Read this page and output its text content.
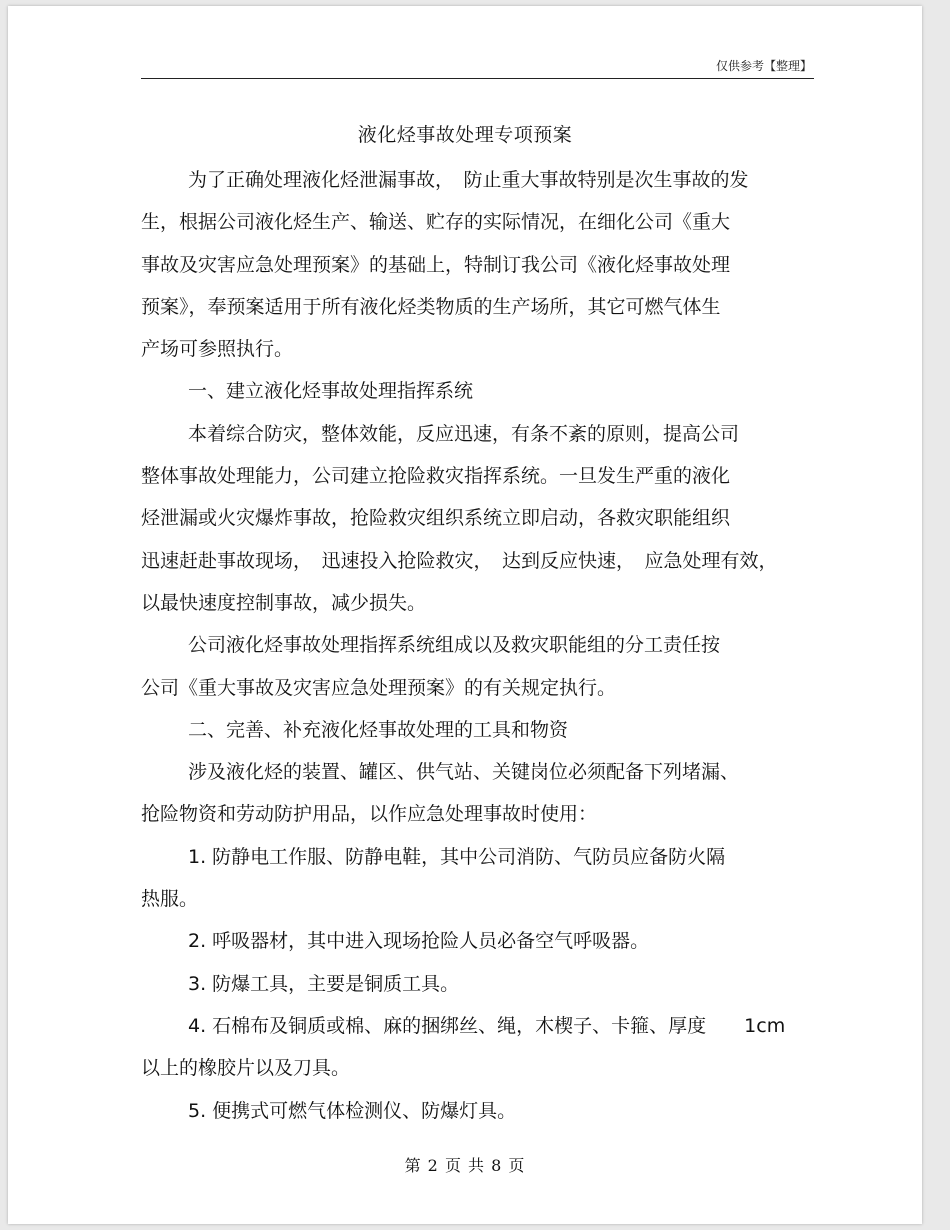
仅供参考【整理】
液化烃事故处理专项预案

为了正确处理液化烃泄漏事故，　防止重大事故特别是次生事故的发

生，根据公司液化烃生产、输送、贮存的实际情况，在细化公司《重大

事故及灾害应急处理预案》的基础上，特制订我公司《液化烃事故处理

预案》，奉预案适用于所有液化烃类物质的生产场所，其它可燃气体生

产场可参照执行。

一、建立液化烃事故处理指挥系统

本着综合防灾，整体效能，反应迅速，有条不紊的原则，提高公司

整体事故处理能力，公司建立抢险救灾指挥系统。一旦发生严重的液化

烃泄漏或火灾爆炸事故，抢险救灾组织系统立即启动，各救灾职能组织

迅速赶赴事故现场，　迅速投入抢险救灾，　达到反应快速，　应急处理有效，

以最快速度控制事故，减少损失。

公司液化烃事故处理指挥系统组成以及救灾职能组的分工责任按

公司《重大事故及灾害应急处理预案》的有关规定执行。

二、完善、补充液化烃事故处理的工具和物资

涉及液化烃的装置、罐区、供气站、关键岗位必须配备下列堵漏、

抢险物资和劳动防护用品，以作应急处理事故时使用：

1. 防静电工作服、防静电鞋，其中公司消防、气防员应备防火隔

热服。

2. 呼吸器材，其中进入现场抢险人员必备空气呼吸器。

3. 防爆工具，主要是铜质工具。

4. 石棉布及铜质或棉、麻的捆绑丝、绳，木楔子、卡箍、厚度　　1cm

以上的橡胶片以及刀具。

5. 便携式可燃气体检测仪、防爆灯具。

第 2 页 共 8 页
